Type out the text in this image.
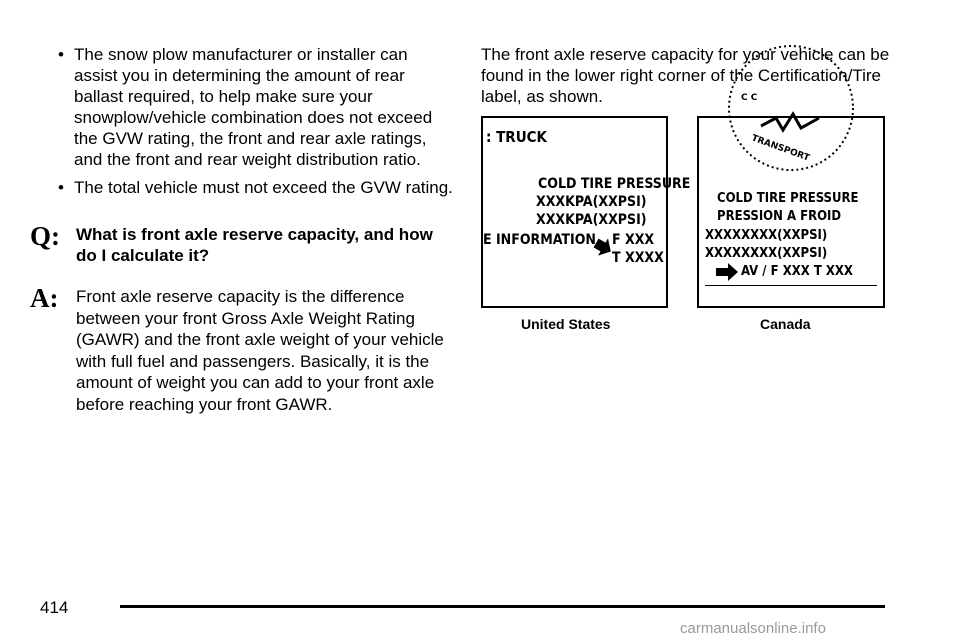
• The snow plow manufacturer or installer can assist you in determining the amount of rear ballast required, to help make sure your snowplow/vehicle combination does not exceed the GVW rating, the front and rear axle ratings, and the front and rear weight distribution ratio.
• The total vehicle must not exceed the GVW rating.
Q: What is front axle reserve capacity, and how do I calculate it?
A: Front axle reserve capacity is the difference between your front Gross Axle Weight Rating (GAWR) and the front axle weight of your vehicle with full fuel and passengers. Basically, it is the amount of weight you can add to your front axle before reaching your front GAWR.
The front axle reserve capacity for your vehicle can be found in the lower right corner of the Certification/Tire label, as shown.
: TRUCK
COLD TIRE PRESSURE
XXXKPA(XXPSI)
XXXKPA(XXPSI)
E INFORMATION F XXX
T XXXX
United States
TRANSPORT
C C
COLD TIRE PRESSURE
PRESSION A FROID
XXXXXXXX(XXPSI)
XXXXXXXX(XXPSI)
AV / F XXX T XXX
Canada
414
carmanualsonline.info
